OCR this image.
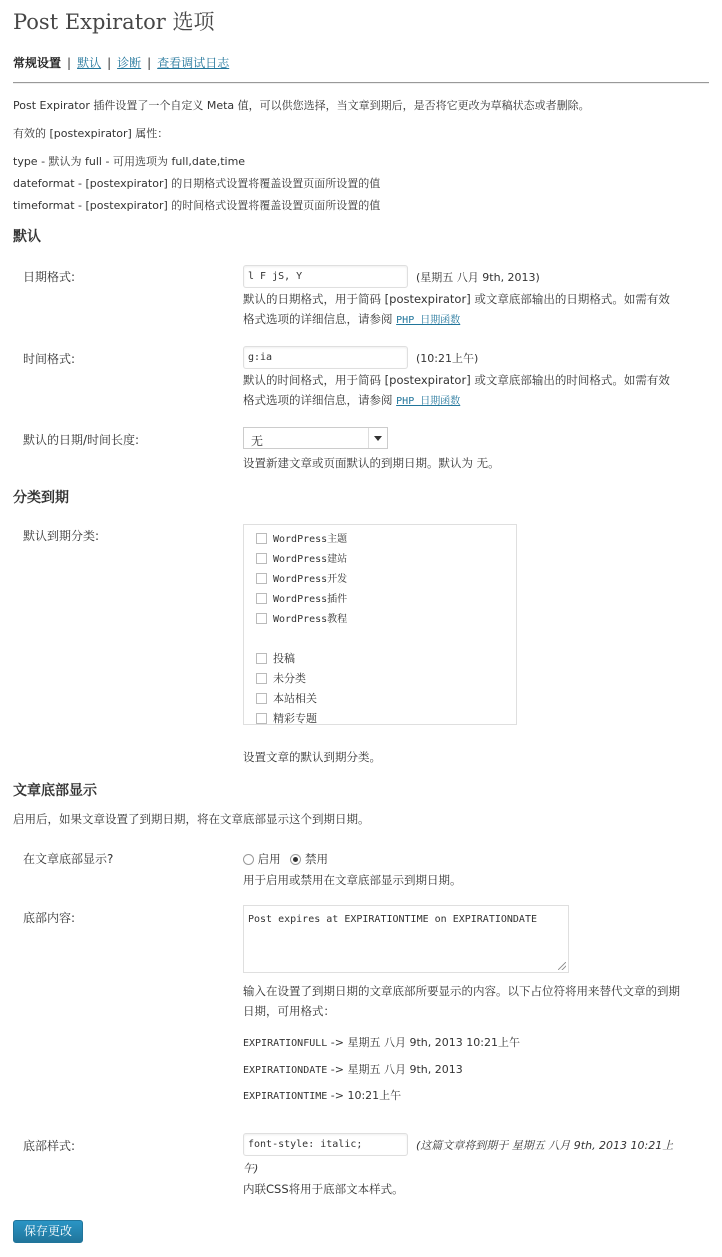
Post Expirator 选项
常规设置 | 默认 | 诊断 | 查看调试日志
Post Expirator 插件设置了一个自定义 Meta 值，可以供您选择，当文章到期后，是否将它更改为草稿状态或者删除。
有效的 [postexpirator] 属性：
type - 默认为 full - 可用选项为 full,date,time
dateformat - [postexpirator] 的日期格式设置将覆盖设置页面所设置的值
timeformat - [postexpirator] 的时间格式设置将覆盖设置页面所设置的值
默认
日期格式:
l F jS, Y	(星期五 八月 9th, 2013)
默认的日期格式，用于简码 [postexpirator] 或文章底部输出的日期格式。如需有效
格式选项的详细信息，请参阅 PHP 日期函数
时间格式:
g:ia	(10:21上午)
默认的时间格式，用于简码 [postexpirator] 或文章底部输出的时间格式。如需有效
格式选项的详细信息，请参阅 PHP 日期函数
默认的日期/时间长度:	无
设置新建文章或页面默认的到期日期。默认为 无。
分类到期
默认到期分类:	WordPress主题
WordPress建站
WordPress开发
WordPress插件
WordPress教程
投稿
未分类
本站相关
精彩专题
设置文章的默认到期分类。
文章底部显示
启用后，如果文章设置了到期日期，将在文章底部显示这个到期日期。
在文章底部显示?	启用 禁用
用于启用或禁用在文章底部显示到期日期。
底部内容:	Post expires at EXPIRATIONTIME on EXPIRATIONDATE
输入在设置了到期日期的文章底部所要显示的内容。以下占位符将用来替代文章的到期
日期，可用格式：
EXPIRATIONFULL -> 星期五 八月 9th, 2013 10:21上午
EXPIRATIONDATE -> 星期五 八月 9th, 2013
EXPIRATIONTIME -> 10:21上午
底部样式:
font-style: italic;	(这篇文章将到期于 星期五 八月 9th, 2013 10:21上
午)
内联CSS将用于底部文本样式。
保存更改
